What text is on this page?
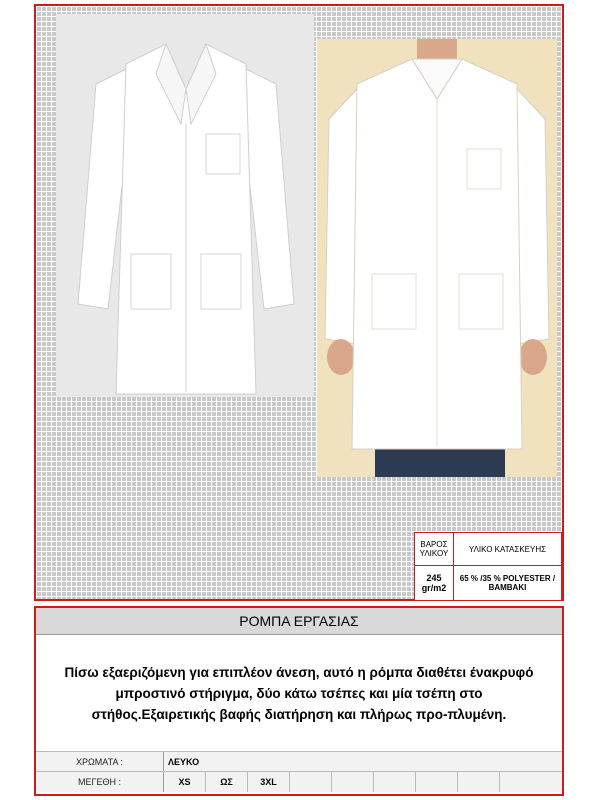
ΒΑΡΟΣ ΥΛΙΚΟΥ	ΥΛΙΚΟ ΚΑΤΑΣΚΕΥΗΣ
245 gr/m2	65 % /35 % POLYESTER /ΒΑΜΒΑΚΙ
ΡΟΜΠΑ ΕΡΓΑΣΙΑΣ
Πίσω εξαεριζόμενη για επιπλέον άνεση, αυτό η ρόμπα διαθέτει ένακρυφό μπροστινό στήριγμα, δύο κάτω τσέπες και μία τσέπη στο στήθος.Εξαιρετικής βαφής διατήρηση και πλήρως προ-πλυμένη.
ΧΡΩΜΑΤΑ :	ΛΕΥΚΟ
ΜΕΓΕΘΗ :	XS	ΩΣ	3XL
